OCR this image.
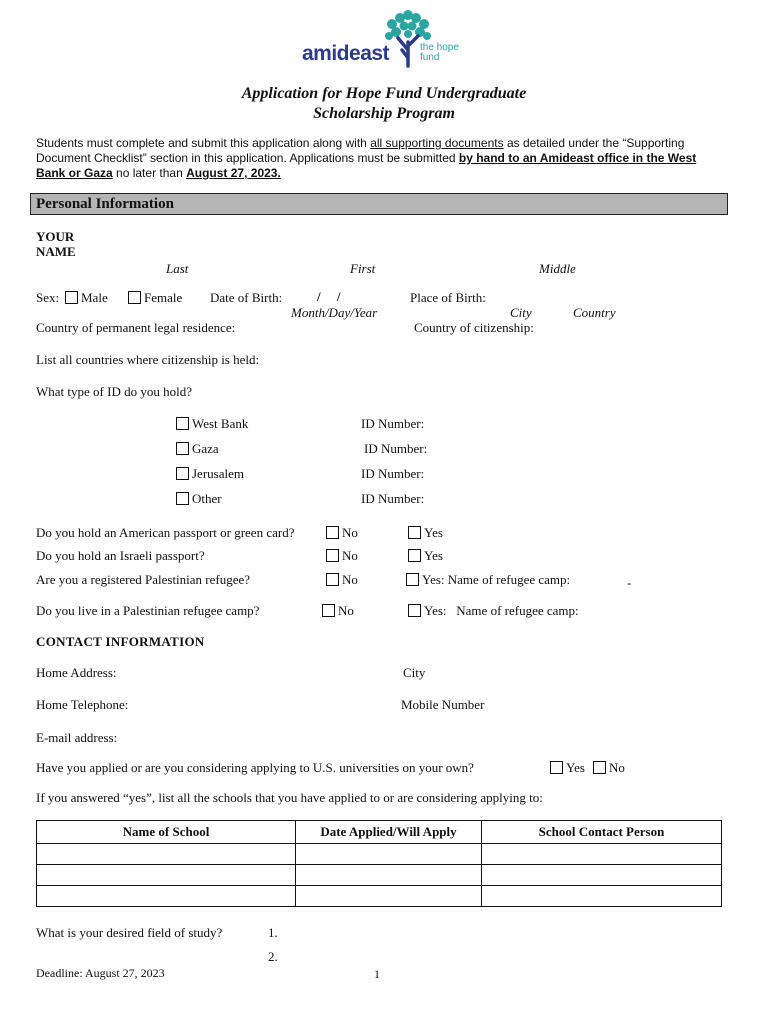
amideast	the hope
fund
Application for Hope Fund Undergraduate
Scholarship Program
Students must complete and submit this application along with all supporting documents as detailed under the “Supporting Document Checklist” section in this application. Applications must be submitted by hand to an Amideast office in the West Bank or Gaza no later than August 27, 2023.
Personal Information
YOUR
NAME
Last	First	Middle
Sex:	Male	Female Date of Birth:	/     /	Place of Birth:
Month/Day/Year	City	Country
Country of permanent legal residence:	Country of citizenship:
List all countries where citizenship is held:
What type of ID do you hold?
West Bank	ID Number:
Gaza	ID Number:
Jerusalem	ID Number:
Other	ID Number:
Do you hold an American passport or green card?	No	Yes
Do you hold an Israeli passport?	No	Yes
Are you a registered Palestinian refugee?	No	Yes: Name of refugee camp:	-
Do you live in a Palestinian refugee camp?	No	Yes:   Name of refugee camp:
CONTACT INFORMATION
Home Address:	City
Home Telephone:	Mobile Number
E-mail address:
Have you applied or are you considering applying to U.S. universities on your own?	Yes	No
If you answered “yes”, list all the schools that you have applied to or are considering applying to:
Name of School	Date Applied/Will Apply	School Contact Person

What is your desired field of study?	1.
2.
Deadline: August 27, 2023	1
